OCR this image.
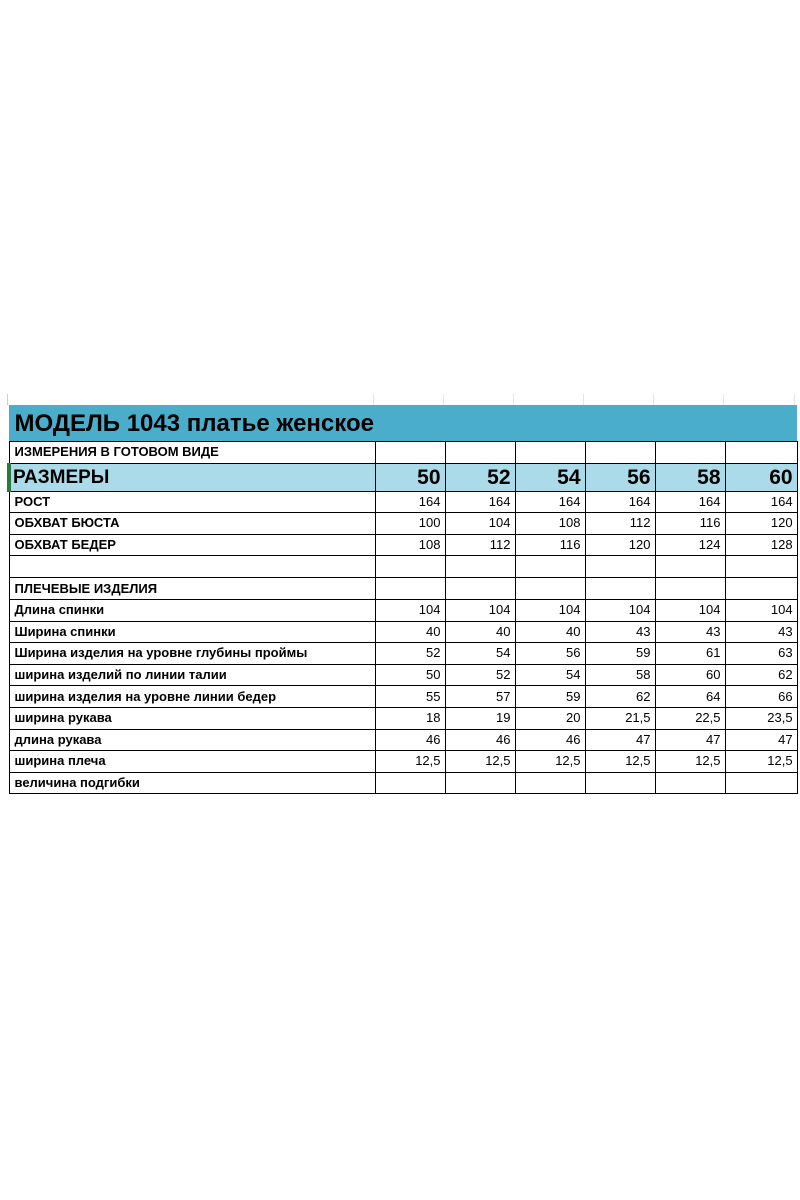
МОДЕЛЬ 1043 платье женское						
ИЗМЕРЕНИЯ В ГОТОВОМ ВИДЕ						
РАЗМЕРЫ	50	52	54	56	58	60
РОСТ	164	164	164	164	164	164
ОБХВАТ БЮСТА	100	104	108	112	116	120
ОБХВАТ БЕДЕР	108	112	116	120	124	128

ПЛЕЧЕВЫЕ ИЗДЕЛИЯ						
Длина спинки	104	104	104	104	104	104
Ширина спинки	40	40	40	43	43	43
Ширина изделия на уровне глубины проймы	52	54	56	59	61	63
ширина изделий по линии талии	50	52	54	58	60	62
ширина изделия на уровне линии бедер	55	57	59	62	64	66
ширина рукава	18	19	20	21,5	22,5	23,5
длина рукава	46	46	46	47	47	47
ширина плеча	12,5	12,5	12,5	12,5	12,5	12,5
величина подгибки						
